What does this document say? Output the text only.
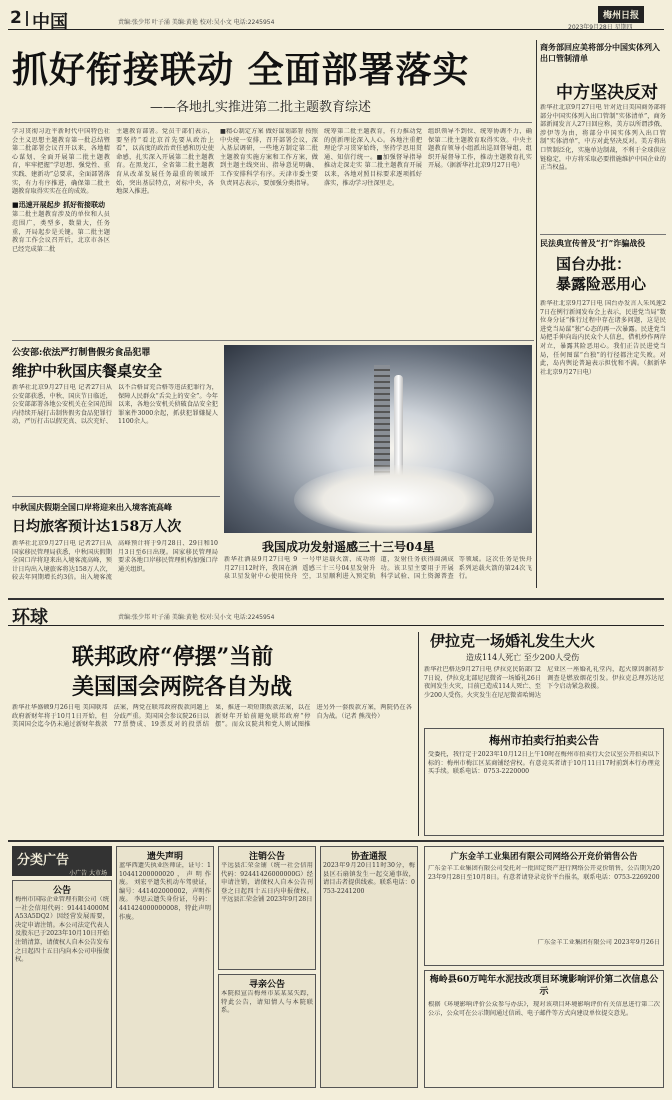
2 中国	责编:张少邦 叶子涌 美编:黄艳 校对:吴小文 电话:2245954
2023年9月28日 星期四
梅州日报
抓好衔接联动 全面部署落实
——各地扎实推进第二批主题教育综述

学习贯彻习近平新时代中国特色社会主义思想主题教育第一批总结暨第二批部署会议召开以来，各地精心谋划、全面开展第二批主题教育，牢牢把握“学思想、强党性、重实践、建新功”总要求，全面部署落实，有力有序推进，确保第二批主题教育取得实实在在的成效。

■迅速开展起步 抓好衔接联动

第二批主题教育涉及的单位和人员范围广，类型多，数量大，任务重，开局起步是关键。第二批主题教育工作会议召开后，北京市各区已经完成第二批

主题教育部署。党员干部们表示，要坚持“看北京首先要从政治上看”，以高度的政治责任感和历史使命感，扎实深入开展第二批主题教育。在黑龙江，全省第二批主题教育从改革发展任务最重的领域开始，突出基层特点，对标中央，各地深入推进。
■精心制定方案 做好谋划部署 按照中央统一安排，召开部署会议，深入基层调研，一些地方制定第二批主题教育实施方案和工作方案，做到主题主线突出、指导意见明确、工作安排科学有序。天津市委主要负责同志表示，要加强分类指导。
统筹第二批主题教育，有力推动党的创新理论深入人心。各地注重把理论学习贯穿始终，坚持学思用贯通、知信行统一。■加强督导指导 推动走深走实 第二批主题教育开展以来，各地对照目标要求逐项抓好落实，推动学习往深里走。
组织领导不到位、统筹协调不力，确保第二批主题教育取得实效。中央主题教育领导小组派出巡回督导组，组织开展督导工作，推动主题教育扎实开展。（据新华社北京9月27日电）
商务部回应美将部分中国实体列入出口管制清单
中方坚决反对
新华社北京9月27日电 针对近日美国商务部将部分中国实体列入出口管制“实体清单”，商务部新闻发言人27日回应称，美方以所谓涉俄、涉伊等为由，将部分中国实体列入出口管制“实体清单”，中方对此坚决反对。美方将出口管制泛化，实施单边制裁，不利于全球供应链稳定，中方将采取必要措施维护中国企业的正当权益。
民法典宣传普及“打”诈骗战役
国台办批：
暴露险恶用心
新华社北京9月27日电 国台办发言人朱凤莲27日在例行新闻发布会上表示，民进党当局“数位身分证”推行过程中存在诸多问题，这是民进党当局谋“独”心态的再一次暴露。民进党当局把手伸向岛内民众个人信息，借机炒作两岸对立，暴露其险恶用心。我们正告民进党当局，任何图谋“台独”的行径都注定失败。对此，岛内舆论普遍表示担忧和不满。（据新华社北京9月27日电）
公安部:依法严打制售假劣食品犯罪
维护中秋国庆餐桌安全
新华社北京9月27日电 记者27日从公安部获悉，中秋、国庆节日临近，公安部部署各地公安机关在全国范围内持续开展打击制售假劣食品犯罪行动，严厉打击以假充真、以次充好、以不合格冒充合格等违法犯罪行为，保障人民群众“舌尖上的安全”。今年以来，各地公安机关侦破食品安全犯罪案件3000余起，抓获犯罪嫌疑人1100余人。
我国成功发射遥感三十三号04星
新华社酒泉9月27日电 9月27日12时许，我国在酒泉卫星发射中心使用快舟一号甲运载火箭，成功将遥感三十三号04星发射升空，卫星顺利进入预定轨道，发射任务获得圆满成功。该卫星主要用于开展科学试验、国土资源普查等领域。这次任务是快舟系列运载火箭的第24次飞行。
中秋国庆假期全国口岸将迎来出入境客流高峰
日均旅客预计达158万人次
新华社北京9月27日电 记者27日从国家移民管理局获悉，中秋国庆假期全国口岸将迎来出入境客流高峰，预计日均出入境旅客将达158万人次，较去年同期增长约3倍。出入境客流高峰预计将于9月28日、29日和10月3日至6日出现。国家移民管理局要求各地口岸移民管理机构加强口岸通关组织。
环球	责编:张少邦 叶子涌 美编:黄艳 校对:吴小文 电话:2245954
联邦政府“停摆”当前
美国国会两院各自为战
新华社华盛顿9月26日电 美国联邦政府新财年将于10月1日开始，但美国国会迄今仍未通过新财年拨款法案，两党在联邦政府拨款问题上分歧严重。美国国会参议院26日以77票赞成、19票反对的投票结果，推进一项短期拨款法案，以在新财年开始前避免联邦政府“停摆”。而众议院共和党人则试图推进另外一套拨款方案，两院仍在各自为战。（记者 熊茂伶）
伊拉克一场婚礼发生大火
造成114人死亡 至少200人受伤
新华社巴格达9月27日电 伊拉克民防部门27日说，伊拉克北部尼尼微省一场婚礼26日夜间发生火灾，目前已造成114人死亡、至少200人受伤。火灾发生在尼尼微省哈姆达尼亚区一座婚礼礼堂内，起火原因据初步调查是燃放烟花引发。伊拉克总理苏达尼下令启动紧急救援。
梅州市拍卖行拍卖公告
受委托，我行定于2023年10月12日上午10时在梅州市拍卖行大会议室公开拍卖以下标的：梅州市梅江区某商铺经营权。有意竞买者请于10月11日17时前到本行办理竞买手续。联系电话：0753-2220000
分类广告
小广告 大市场
公告
梅州市国际企业管理有限公司（统一社会信用代码：914414000MA53A5DQ2）因经营发展需要，决定申请注销。本公司法定代表人及股东已于2023年10月10日开始注销清算，请债权人自本公告发布之日起四十五日内向本公司申报债权。
遗失声明
蓝华西遗失执业医师证，证号：110441200000020，声明作废。 刘宏平遗失机动车驾驶证，编号：441402000002，声明作废。 李思云遗失身份证，号码：441424000000008，特此声明作废。
注销公告
平远县汇荣金铺（统一社会信用代码：92441426000000G）经申请注销，请债权人自本公告刊登之日起四十五日内申报债权。平远县汇荣金铺 2023年9月28日
寻亲公告
本院拟宣告梅州市某某某失踪，特此公告，请知情人与本院联系。
协查通报
2023年9月20日11时30分，梅县区石扇镇发生一起交通事故，请目击者提供线索。联系电话：0753-2241200
广东金羊工业集团有限公司网络公开竞价销售公告
广东金羊工业集团有限公司受托对一批固定资产进行网络公开竞价销售，公告期为2023年9月28日至10月8日。有意者请登录竞价平台报名，联系电话：0753-2269200
广东金羊工业集团有限公司 2023年9月26日
梅岭县60万吨年水泥技改项目环境影响评价第二次信息公示
根据《环境影响评价公众参与办法》，现对该项目环境影响评价有关信息进行第二次公示，公众可在公示期间通过信函、电子邮件等方式向建设单位提交意见。
